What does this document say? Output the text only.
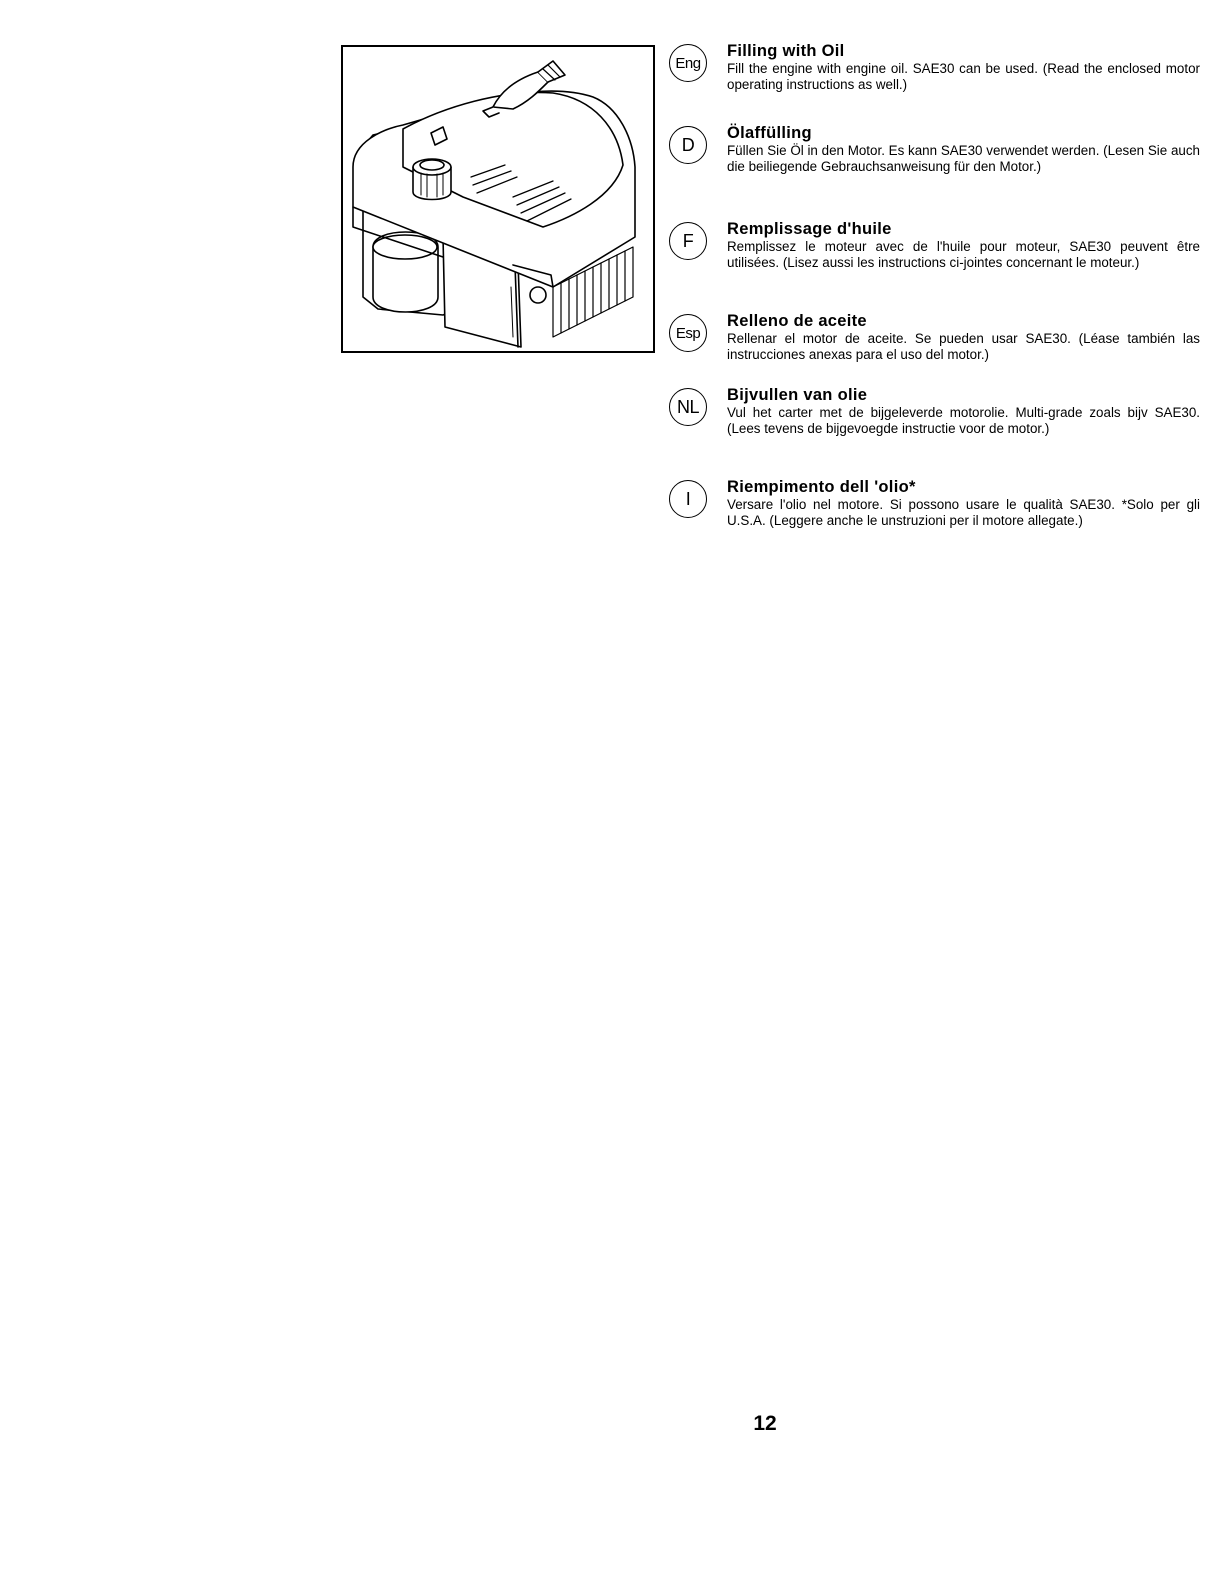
Eng
Filling with Oil

Fill the engine with engine oil. SAE30 can be used. (Read the enclosed motor operating instructions as well.)

D
Ölaffülling

Füllen Sie Öl in den Motor. Es kann SAE30 verwendet werden. (Lesen Sie auch die beiliegende Gebrauchsanweisung für den Motor.)

F
Remplissage d'huile

Remplissez le moteur avec de l'huile pour moteur, SAE30 peuvent être utilisées. (Lisez aussi les instructions ci-jointes concernant le moteur.)

Esp
Relleno de aceite

Rellenar el motor de aceite. Se pueden usar SAE30. (Léase también las instrucciones anexas para el uso del motor.)

NL
Bijvullen van olie

Vul het carter met de bijgeleverde motorolie. Multi-grade zoals bijv SAE30. (Lees tevens de bijgevoegde instructie voor de motor.)

I
Riempimento dell 'olio*

Versare l'olio nel motore. Si possono usare le qualità SAE30. *Solo per gli U.S.A. (Leggere anche le unstruzioni per il motore allegate.)

12
